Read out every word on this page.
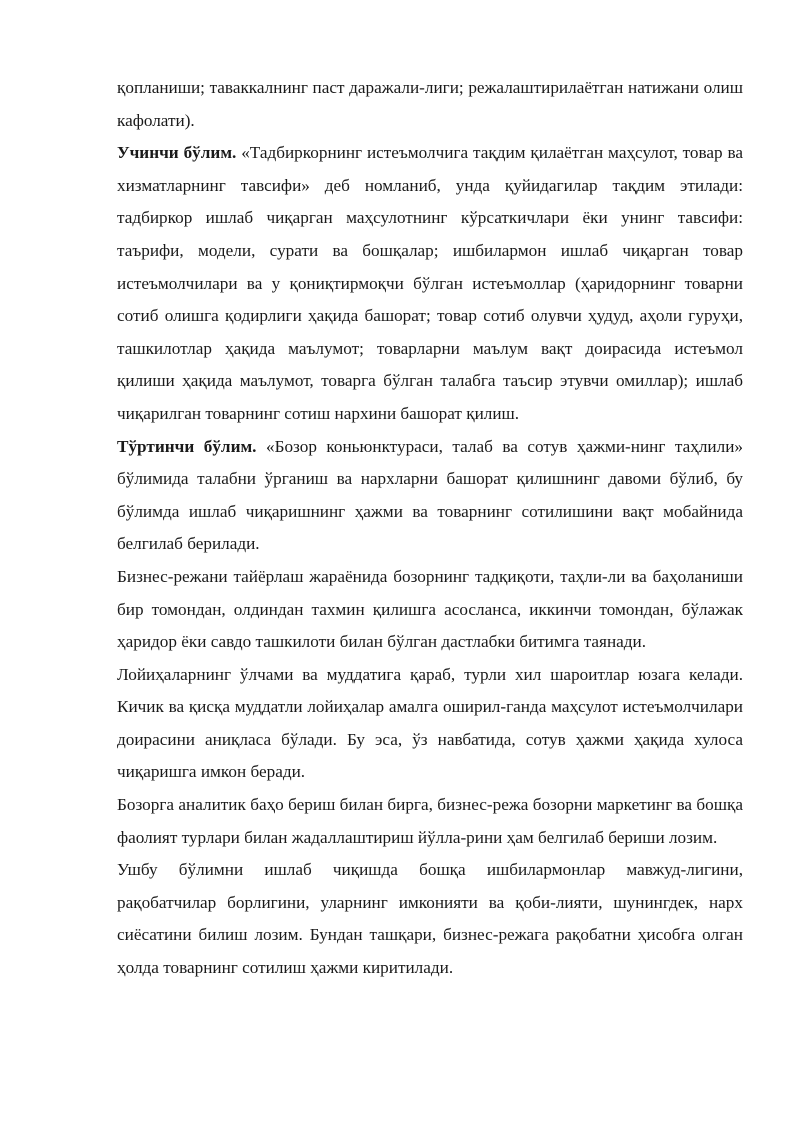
қопланиши; таваккалнинг паст даражали-лиги; режалаштирилаётган натижани олиш кафолати).

Учинчи бўлим. «Тадбиркорнинг истеъмолчига тақдим қилаётган маҳсулот, товар ва хизматларнинг тавсифи» деб номланиб, унда қуйидагилар тақдим этилади: тадбиркор ишлаб чиқарган маҳсулотнинг кўрсаткичлари ёки унинг тавсифи: таърифи, модели, сурати ва бошқалар; ишбилармон ишлаб чиқарган товар истеъмолчилари ва у қониқтирмоқчи бўлган истеъмоллар (ҳаридорнинг товарни сотиб олишга қодирлиги ҳақида башорат; товар сотиб олувчи ҳудуд, аҳоли гуруҳи, ташкилотлар ҳақида маълумот; товарларни маълум вақт доирасида истеъмол қилиши ҳақида маълумот, товарга бўлган талабга таъсир этувчи омиллар); ишлаб чиқарилган товарнинг сотиш нархини башорат қилиш.

Тўртинчи бўлим. «Бозор коньюнктураси, талаб ва сотув ҳажми-нинг таҳлили» бўлимида талабни ўрганиш ва нархларни башорат қилишнинг давоми бўлиб, бу бўлимда ишлаб чиқаришнинг ҳажми ва товарнинг сотилишини вақт мобайнида белгилаб берилади.

Бизнес-режани тайёрлаш жараёнида бозорнинг тадқиқоти, таҳли-ли ва баҳоланиши бир томондан, олдиндан тахмин қилишга асосланса, иккинчи томондан, бўлажак ҳаридор ёки савдо ташкилоти билан бўлган дастлабки битимга таянади.

Лойиҳаларнинг ўлчами ва муддатига қараб, турли хил шароитлар юзага келади. Кичик ва қисқа муддатли лойиҳалар амалга оширил-ганда маҳсулот истеъмолчилари доирасини аниқласа бўлади. Бу эса, ўз навбатида, сотув ҳажми ҳақида хулоса чиқаришга имкон беради.

Бозорга аналитик баҳо бериш билан бирга, бизнес-режа бозорни маркетинг ва бошқа фаолият турлари билан жадаллаштириш йўлла-рини ҳам белгилаб бериши лозим.

Ушбу бўлимни ишлаб чиқишда бошқа ишбилармонлар мавжуд-лигини, рақобатчилар борлигини, уларнинг имконияти ва қоби-лияти, шунингдек, нарх сиёсатини билиш лозим. Бундан ташқари, бизнес-режага рақобатни ҳисобга олган ҳолда товарнинг сотилиш ҳажми киритилади.
